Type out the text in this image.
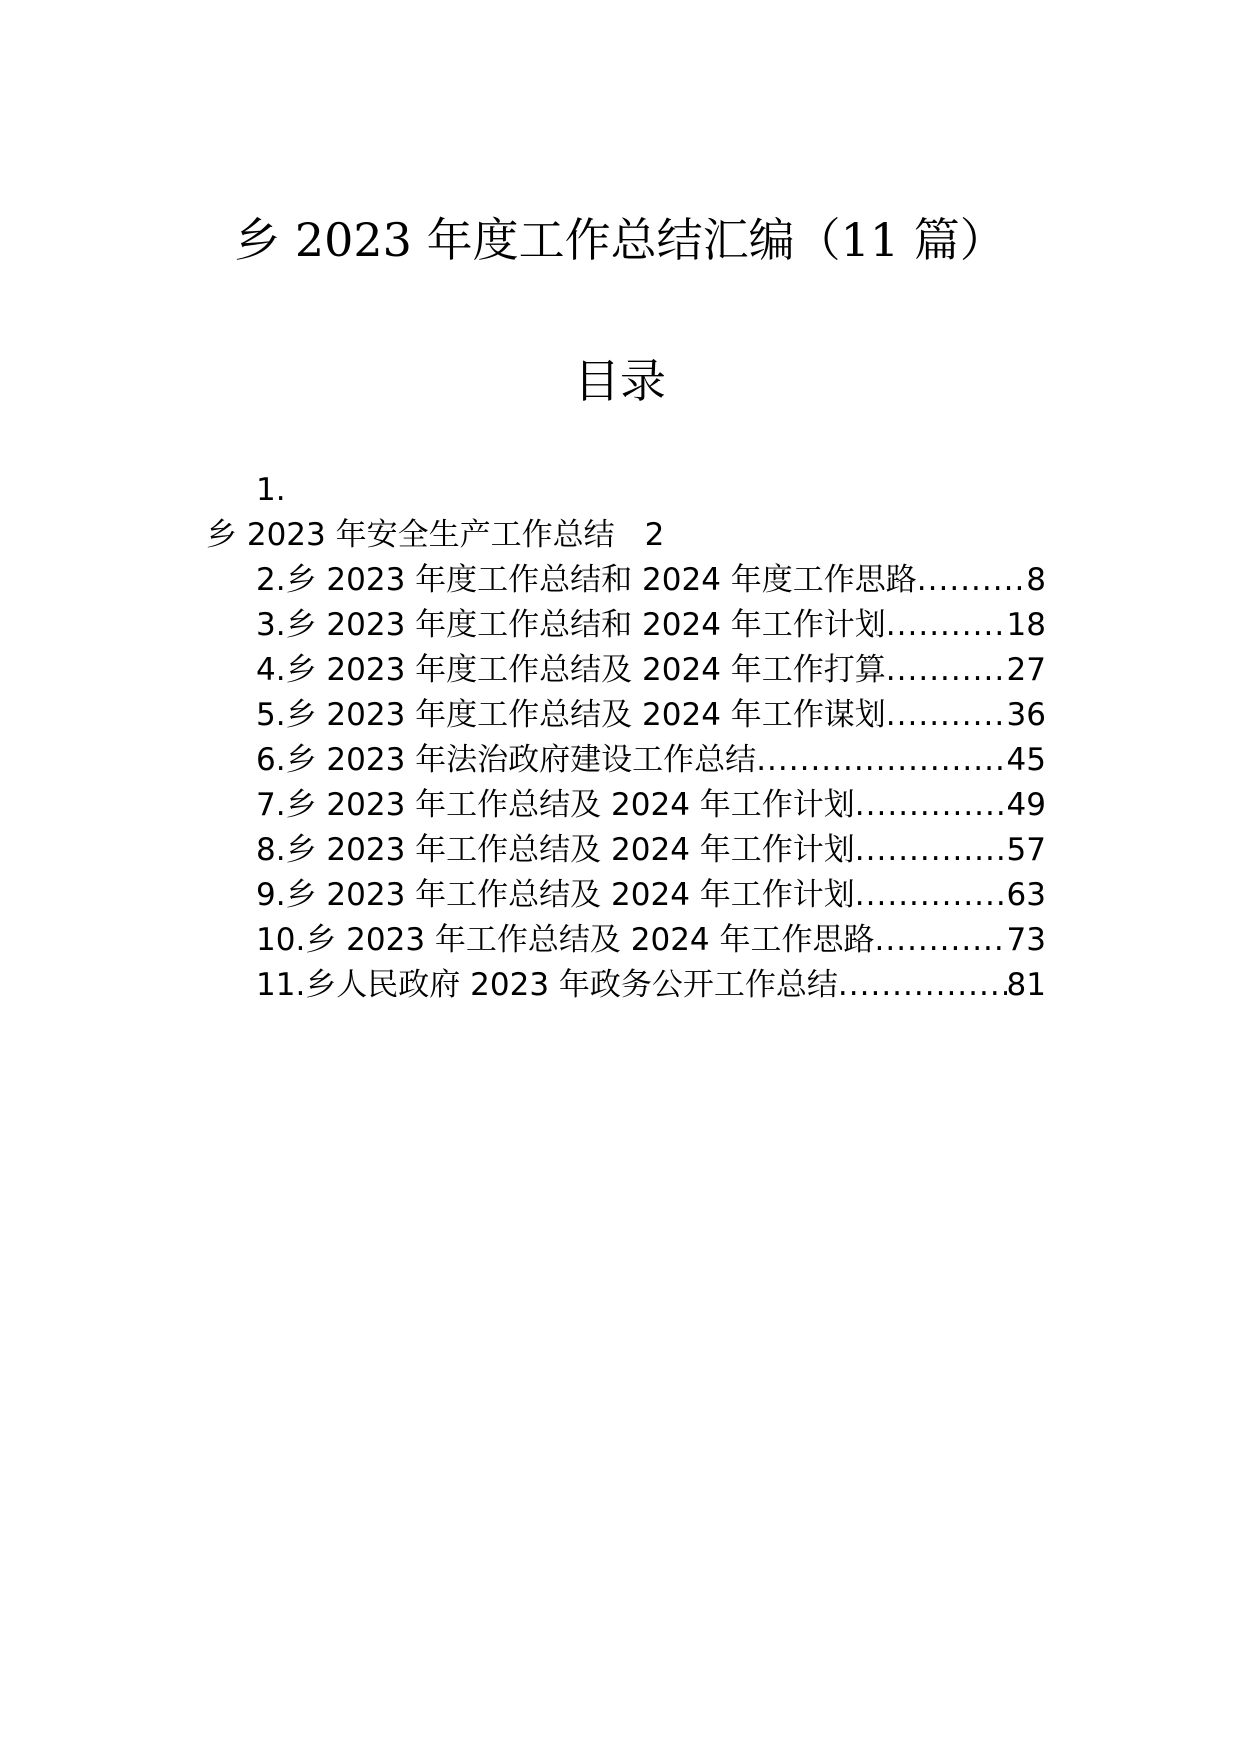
乡 2023 年度工作总结汇编（11 篇）
目录
1.
乡 2023 年安全生产工作总结 2
2.乡 2023 年度工作总结和 2024 年度工作思路 .....	8
3.乡 2023 年度工作总结和 2024 年工作计划 .....	18
4.乡 2023 年度工作总结及 2024 年工作打算 .....	27
5.乡 2023 年度工作总结及 2024 年工作谋划 .....	36
6.乡 2023 年法治政府建设工作总结 .....	45
7.乡 2023 年工作总结及 2024 年工作计划 .....	49
8.乡 2023 年工作总结及 2024 年工作计划 .....	57
9.乡 2023 年工作总结及 2024 年工作计划 .....	63
10.乡 2023 年工作总结及 2024 年工作思路 .....	73
11.乡人民政府 2023 年政务公开工作总结 .....	81
